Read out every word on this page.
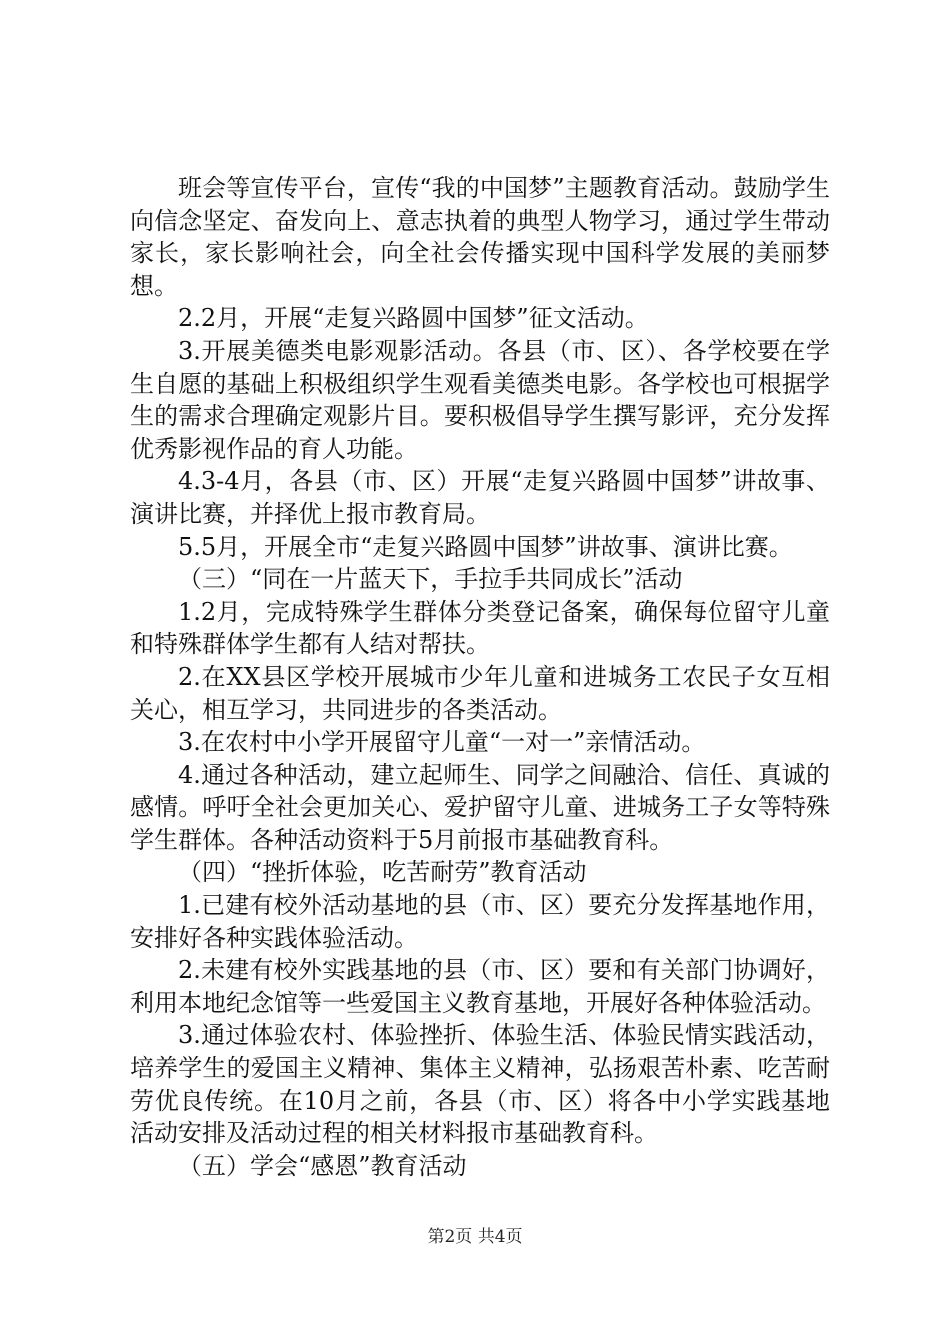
班会等宣传平台，宣传“我的中国梦”主题教育活动。鼓励学生向信念坚定、奋发向上、意志执着的典型人物学习，通过学生带动家长，家长影响社会，向全社会传播实现中国科学发展的美丽梦想。

2.2月，开展“走复兴路圆中国梦”征文活动。

3.开展美德类电影观影活动。各县（市、区）、各学校要在学生自愿的基础上积极组织学生观看美德类电影。各学校也可根据学生的需求合理确定观影片目。要积极倡导学生撰写影评，充分发挥优秀影视作品的育人功能。

4.3-4月，各县（市、区）开展“走复兴路圆中国梦”讲故事、演讲比赛，并择优上报市教育局。

5.5月，开展全市“走复兴路圆中国梦”讲故事、演讲比赛。

（三）“同在一片蓝天下，手拉手共同成长”活动

1.2月，完成特殊学生群体分类登记备案，确保每位留守儿童和特殊群体学生都有人结对帮扶。

2.在XX县区学校开展城市少年儿童和进城务工农民子女互相关心，相互学习，共同进步的各类活动。

3.在农村中小学开展留守儿童“一对一”亲情活动。

4.通过各种活动，建立起师生、同学之间融洽、信任、真诚的感情。呼吁全社会更加关心、爱护留守儿童、进城务工子女等特殊学生群体。各种活动资料于5月前报市基础教育科。

（四）“挫折体验，吃苦耐劳”教育活动

1.已建有校外活动基地的县（市、区）要充分发挥基地作用，安排好各种实践体验活动。

2.未建有校外实践基地的县（市、区）要和有关部门协调好，利用本地纪念馆等一些爱国主义教育基地，开展好各种体验活动。

3.通过体验农村、体验挫折、体验生活、体验民情实践活动，培养学生的爱国主义精神、集体主义精神，弘扬艰苦朴素、吃苦耐劳优良传统。在10月之前，各县（市、区）将各中小学实践基地活动安排及活动过程的相关材料报市基础教育科。

（五）学会“感恩”教育活动

第2页 共4页
